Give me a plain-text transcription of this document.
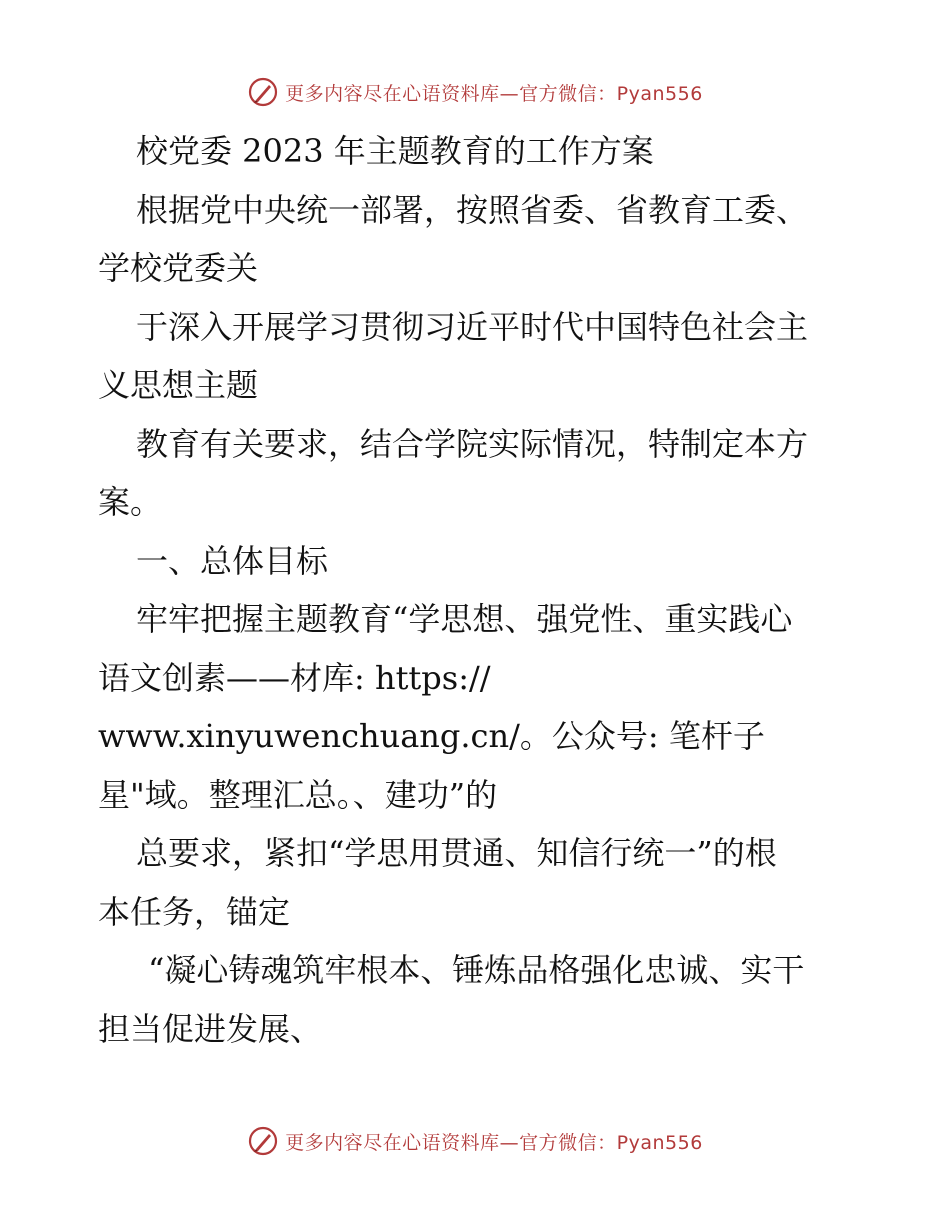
更多内容尽在心语资料库—官方微信：Pyan556
校党委 2023 年主题教育的工作方案
根据党中央统一部署，按照省委、省教育工委、
学校党委关
于深入开展学习贯彻习近平时代中国特色社会主
义思想主题
教育有关要求，结合学院实际情况，特制定本方
案。
一、总体目标
牢牢把握主题教育“学思想、强党性、重实践心
语文创素——材库: https://
www.xinyuwenchuang.cn/。公众号: 笔杆子
星"域。整理汇总。、建功”的
总要求，紧扣“学思用贯通、知信行统一”的根
本任务，锚定
“凝心铸魂筑牢根本、锤炼品格强化忠诚、实干
担当促进发展、
更多内容尽在心语资料库—官方微信：Pyan556
